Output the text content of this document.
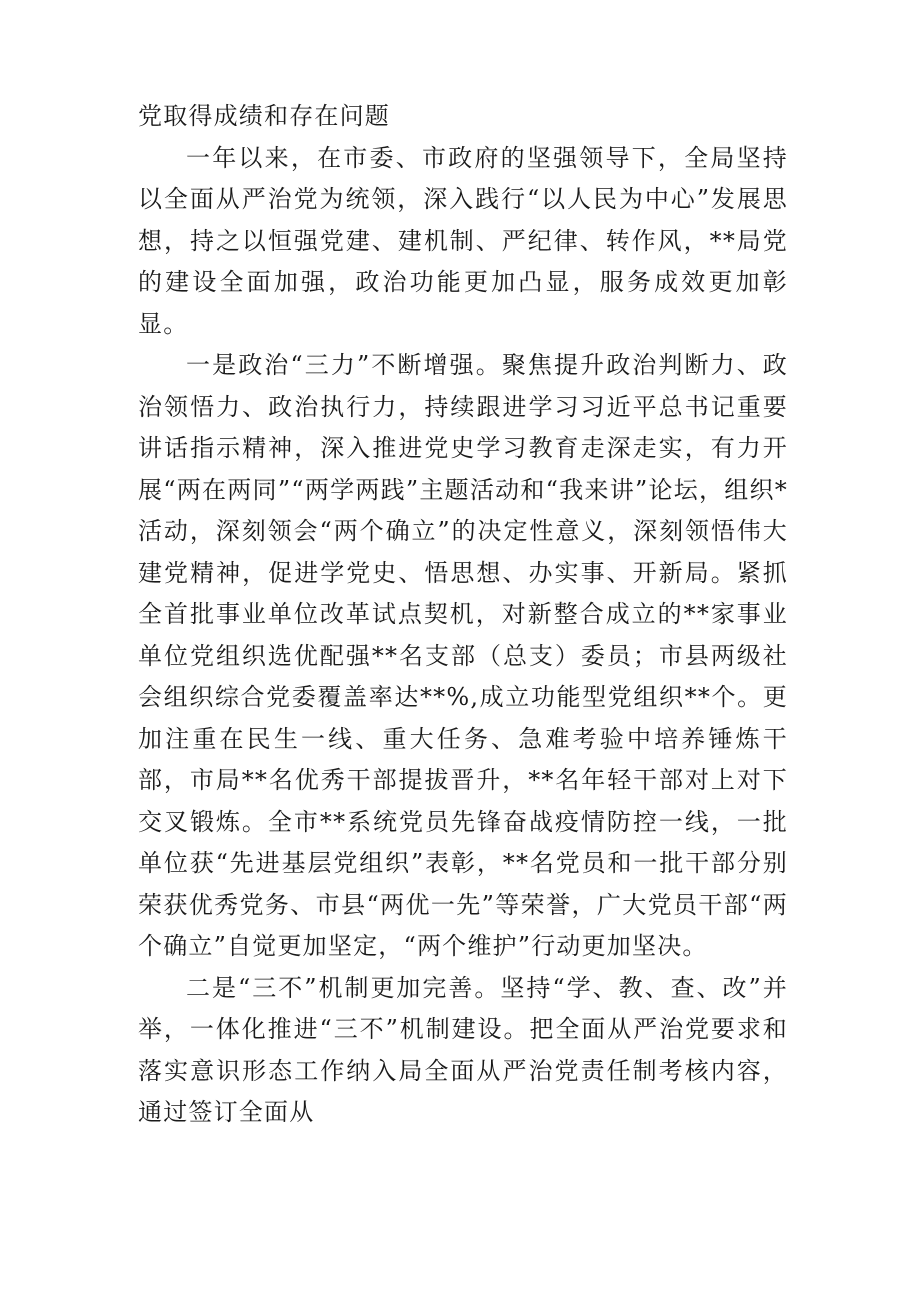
党取得成绩和存在问题

一年以来，在市委、市政府的坚强领导下，全局坚持以全面从严治党为统领，深入践行“以人民为中心”发展思想，持之以恒强党建、建机制、严纪律、转作风，**局党的建设全面加强，政治功能更加凸显，服务成效更加彰显。

一是政治“三力”不断增强。聚焦提升政治判断力、政治领悟力、政治执行力，持续跟进学习习近平总书记重要讲话指示精神，深入推进党史学习教育走深走实，有力开展“两在两同”“两学两践”主题活动和“我来讲”论坛，组织*活动，深刻领会“两个确立”的决定性意义，深刻领悟伟大建党精神，促进学党史、悟思想、办实事、开新局。紧抓全首批事业单位改革试点契机，对新整合成立的**家事业单位党组织选优配强**名支部（总支）委员；市县两级社会组织综合党委覆盖率达**%,成立功能型党组织**个。更加注重在民生一线、重大任务、急难考验中培养锤炼干部，市局**名优秀干部提拔晋升，**名年轻干部对上对下交叉锻炼。全市**系统党员先锋奋战疫情防控一线，一批单位获“先进基层党组织”表彰，**名党员和一批干部分别荣获优秀党务、市县“两优一先”等荣誉，广大党员干部“两个确立”自觉更加坚定，“两个维护”行动更加坚决。

二是“三不”机制更加完善。坚持“学、教、查、改”并举，一体化推进“三不”机制建设。把全面从严治党要求和落实意识形态工作纳入局全面从严治党责任制考核内容，通过签订全面从
